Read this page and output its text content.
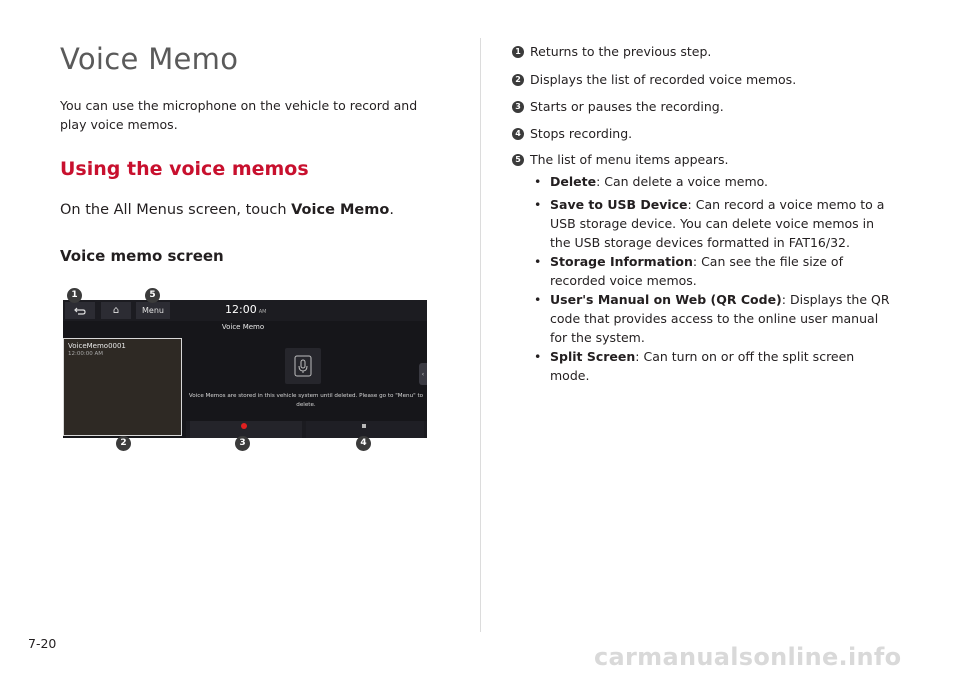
Voice Memo

You can use the microphone on the vehicle to record and play voice memos.

Using the voice memos

On the All Menus screen, touch Voice Memo.

Voice memo screen
⌂	Menu	12:00 AM
Voice Memo
VoiceMemo0001
12:00:00 AM
Voice Memos are stored in this vehicle system until deleted. Please go to "Menu" to delete.
‹
1	5
2	3	4
1 Returns to the previous step.
2 Displays the list of recorded voice memos.
3 Starts or pauses the recording.
4 Stops recording.
5 The list of menu items appears.
• Delete: Can delete a voice memo.
• Save to USB Device: Can record a voice memo to a USB storage device. You can delete voice memos in the USB storage devices formatted in FAT16/32.
• Storage Information: Can see the file size of recorded voice memos.
• User's Manual on Web (QR Code): Displays the QR code that provides access to the online user manual for the system.
• Split Screen: Can turn on or off the split screen mode.
7-20	carmanualsonline.info
